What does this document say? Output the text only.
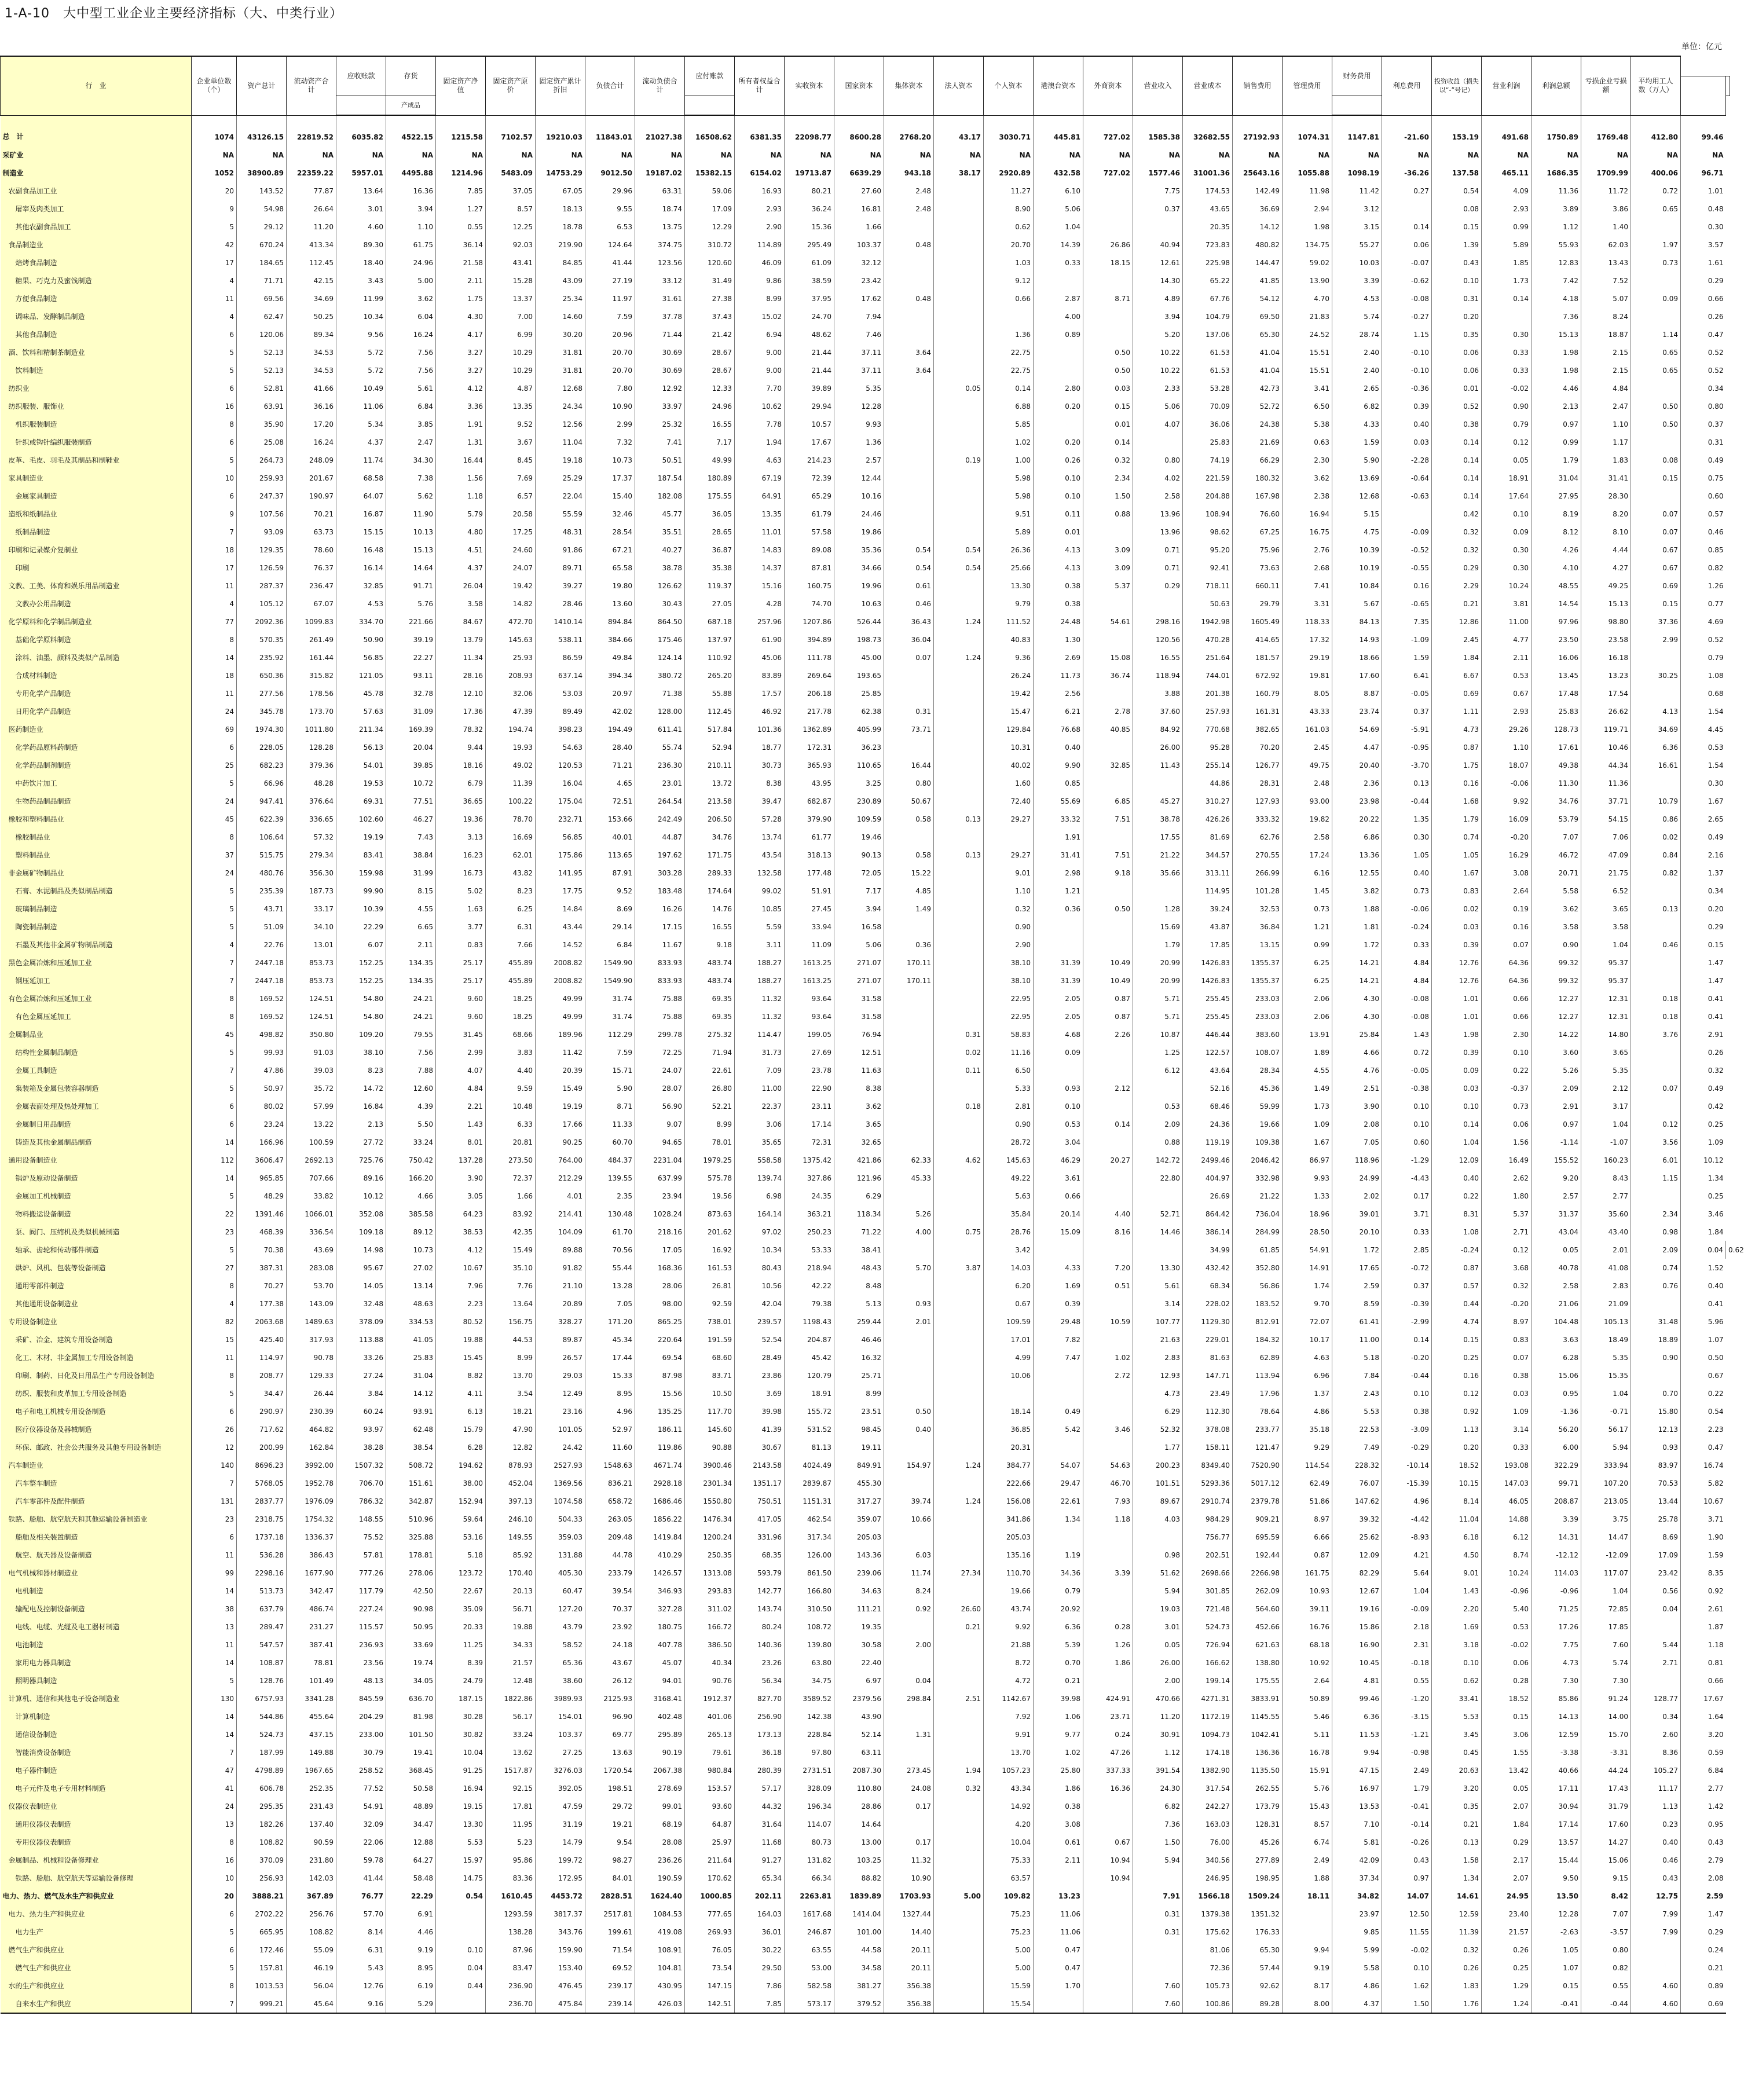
1-A-10　大中型工业企业主要经济指标（大、中类行业）
单位：亿元
行　业	企业单位数（个）	资产总计	流动资产合　计	应收账款	存货	固定资产净　值	固定资产原　价	固定资产累计折旧	负债合计	流动负债合　计	应付账款	所有者权益合计	实收资本	国家资本	集体资本	法人资本	个人资本	港澳台资本	外商资本	营业收入	营业成本	销售费用	管理费用	财务费用	利息费用	投资收益（损失以“-”号记）	营业利润	利润总额	亏损企业亏损额	平均用工人　数（万人）		

					产成品																											
总　计	1074	43126.15	22819.52	6035.82	4522.15	1215.58	7102.57	19210.03	11843.01	21027.38	16508.62	6381.35	22098.77	8600.28	2768.20	43.17	3030.71	445.81	727.02	1585.38	32682.55	27192.93	1074.31	1147.81	-21.60	153.19	491.68	1750.89	1769.48	412.80	99.46	
采矿业	NA	NA	NA	NA	NA	NA	NA	NA	NA	NA	NA	NA	NA	NA	NA	NA	NA	NA	NA	NA	NA	NA	NA	NA	NA	NA	NA	NA	NA	NA	NA	
制造业	1052	38900.89	22359.22	5957.01	4495.88	1214.96	5483.09	14753.29	9012.50	19187.02	15382.15	6154.02	19713.87	6639.29	943.18	38.17	2920.89	432.58	727.02	1577.46	31001.36	25643.16	1055.88	1098.19	-36.26	137.58	465.11	1686.35	1709.99	400.06	96.71	
农副食品加工业	20	143.52	77.87	13.64	16.36	7.85	37.05	67.05	29.96	63.31	59.06	16.93	80.21	27.60	2.48		11.27	6.10		7.75	174.53	142.49	11.98	11.42	0.27	0.54	4.09	11.36	11.72	0.72	1.01	
屠宰及肉类加工	9	54.98	26.64	3.01	3.94	1.27	8.57	18.13	9.55	18.74	17.09	2.93	36.24	16.81	2.48		8.90	5.06		0.37	43.65	36.69	2.94	3.12		0.08	2.93	3.89	3.86	0.65	0.48	
其他农副食品加工	5	29.12	11.20	4.60	1.10	0.55	12.25	18.78	6.53	13.75	12.29	2.90	15.36	1.66			0.62	1.04			20.35	14.12	1.98	3.15	0.14	0.15	0.99	1.12	1.40		0.30	
食品制造业	42	670.24	413.34	89.30	61.75	36.14	92.03	219.90	124.64	374.75	310.72	114.89	295.49	103.37	0.48		20.70	14.39	26.86	40.94	723.83	480.82	134.75	55.27	0.06	1.39	5.89	55.93	62.03	1.97	3.57	
焙烤食品制造	17	184.65	112.45	18.40	24.96	21.58	43.41	84.85	41.44	123.56	120.60	46.09	61.09	32.12			1.03	0.33	18.15	12.61	225.98	144.47	59.02	10.03	-0.07	0.43	1.85	12.83	13.43	0.73	1.61	
糖果、巧克力及蜜饯制造	4	71.71	42.15	3.43	5.00	2.11	15.28	43.09	27.19	33.12	31.49	9.86	38.59	23.42			9.12			14.30	65.22	41.85	13.90	3.39	-0.62	0.10	1.73	7.42	7.52		0.29	
方便食品制造	11	69.56	34.69	11.99	3.62	1.75	13.37	25.34	11.97	31.61	27.38	8.99	37.95	17.62	0.48		0.66	2.87	8.71	4.89	67.76	54.12	4.70	4.53	-0.08	0.31	0.14	4.18	5.07	0.09	0.66	
调味品、发酵制品制造	4	62.47	50.25	10.34	6.04	4.30	7.00	14.60	7.59	37.78	37.43	15.02	24.70	7.94				4.00		3.94	104.79	69.50	21.83	5.74	-0.27	0.20		7.36	8.24		0.26	
其他食品制造	6	120.06	89.34	9.56	16.24	4.17	6.99	30.20	20.96	71.44	21.42	6.94	48.62	7.46			1.36	0.89		5.20	137.06	65.30	24.52	28.74	1.15	0.35	0.30	15.13	18.87	1.14	0.47	
酒、饮料和精制茶制造业	5	52.13	34.53	5.72	7.56	3.27	10.29	31.81	20.70	30.69	28.67	9.00	21.44	37.11	3.64		22.75		0.50	10.22	61.53	41.04	15.51	2.40	-0.10	0.06	0.33	1.98	2.15	0.65	0.52	
饮料制造	5	52.13	34.53	5.72	7.56	3.27	10.29	31.81	20.70	30.69	28.67	9.00	21.44	37.11	3.64		22.75		0.50	10.22	61.53	41.04	15.51	2.40	-0.10	0.06	0.33	1.98	2.15	0.65	0.52	
纺织业	6	52.81	41.66	10.49	5.61	4.12	4.87	12.68	7.80	12.92	12.33	7.70	39.89	5.35		0.05	0.14	2.80	0.03	2.33	53.28	42.73	3.41	2.65	-0.36	0.01	-0.02	4.46	4.84		0.34	
纺织服装、服饰业	16	63.91	36.16	11.06	6.84	3.36	13.35	24.34	10.90	33.97	24.96	10.62	29.94	12.28			6.88	0.20	0.15	5.06	70.09	52.72	6.50	6.82	0.39	0.52	0.90	2.13	2.47	0.50	0.80	
机织服装制造	8	35.90	17.20	5.34	3.85	1.91	9.52	12.56	2.99	25.32	16.55	7.78	10.57	9.93			5.85		0.01	4.07	36.06	24.38	5.38	4.33	0.40	0.38	0.79	0.97	1.10	0.50	0.37	
针织或钩针编织服装制造	6	25.08	16.24	4.37	2.47	1.31	3.67	11.04	7.32	7.41	7.17	1.94	17.67	1.36			1.02	0.20	0.14		25.83	21.69	0.63	1.59	0.03	0.14	0.12	0.99	1.17		0.31	
皮革、毛皮、羽毛及其制品和制鞋业	5	264.73	248.09	11.74	34.30	16.44	8.45	19.18	10.73	50.51	49.99	4.63	214.23	2.57		0.19	1.00	0.26	0.32	0.80	74.19	66.29	2.30	5.90	-2.28	0.14	0.05	1.79	1.83	0.08	0.49	
家具制造业	10	259.93	201.67	68.58	7.38	1.56	7.69	25.29	17.37	187.54	180.89	67.19	72.39	12.44			5.98	0.10	2.34	4.02	221.59	180.32	3.62	13.69	-0.64	0.14	18.91	31.04	31.41	0.15	0.75	
金属家具制造	6	247.37	190.97	64.07	5.62	1.18	6.57	22.04	15.40	182.08	175.55	64.91	65.29	10.16			5.98	0.10	1.50	2.58	204.88	167.98	2.38	12.68	-0.63	0.14	17.64	27.95	28.30		0.60	
造纸和纸制品业	9	107.56	70.21	16.87	11.90	5.79	20.58	55.59	32.46	45.77	36.05	13.35	61.79	24.46			9.51	0.11	0.88	13.96	108.94	76.60	16.94	5.15		0.42	0.10	8.19	8.20	0.07	0.57	
纸制品制造	7	93.09	63.73	15.15	10.13	4.80	17.25	48.31	28.54	35.51	28.65	11.01	57.58	19.86			5.89	0.01		13.96	98.62	67.25	16.75	4.75	-0.09	0.32	0.09	8.12	8.10	0.07	0.46	
印刷和记录媒介复制业	18	129.35	78.60	16.48	15.13	4.51	24.60	91.86	67.21	40.27	36.87	14.83	89.08	35.36	0.54	0.54	26.36	4.13	3.09	0.71	95.20	75.96	2.76	10.39	-0.52	0.32	0.30	4.26	4.44	0.67	0.85	
印刷	17	126.59	76.37	16.14	14.64	4.37	24.07	89.71	65.58	38.78	35.38	14.37	87.81	34.66	0.54	0.54	25.66	4.13	3.09	0.71	92.41	73.63	2.68	10.19	-0.55	0.29	0.30	4.10	4.27	0.67	0.82	
文教、工美、体育和娱乐用品制造业	11	287.37	236.47	32.85	91.71	26.04	19.42	39.27	19.80	126.62	119.37	15.16	160.75	19.96	0.61		13.30	0.38	5.37	0.29	718.11	660.11	7.41	10.84	0.16	2.29	10.24	48.55	49.25	0.69	1.26	
文教办公用品制造	4	105.12	67.07	4.53	5.76	3.58	14.82	28.46	13.60	30.43	27.05	4.28	74.70	10.63	0.46		9.79	0.38			50.63	29.79	3.31	5.67	-0.65	0.21	3.81	14.54	15.13	0.15	0.77	
化学原料和化学制品制造业	77	2092.36	1099.83	334.70	221.66	84.67	472.70	1410.14	894.84	864.50	687.18	257.96	1207.86	526.44	36.43	1.24	111.52	24.48	54.61	298.16	1942.98	1605.49	118.33	84.13	7.35	12.86	11.00	97.96	98.80	37.36	4.69	
基础化学原料制造	8	570.35	261.49	50.90	39.19	13.79	145.63	538.11	384.66	175.46	137.97	61.90	394.89	198.73	36.04		40.83	1.30		120.56	470.28	414.65	17.32	14.93	-1.09	2.45	4.77	23.50	23.58	2.99	0.52	
涂料、油墨、颜料及类似产品制造	14	235.92	161.44	56.85	22.27	11.34	25.93	86.59	49.84	124.14	110.92	45.06	111.78	45.00	0.07	1.24	9.36	2.69	15.08	16.55	251.64	181.57	29.19	18.66	1.59	1.84	2.11	16.06	16.18		0.79	
合成材料制造	18	650.36	315.82	121.05	93.11	28.16	208.93	637.14	394.34	380.72	265.20	83.89	269.64	193.65			26.24	11.73	36.74	118.94	744.01	672.92	19.81	17.60	6.41	6.67	0.53	13.45	13.23	30.25	1.08	
专用化学产品制造	11	277.56	178.56	45.78	32.78	12.10	32.06	53.03	20.97	71.38	55.88	17.57	206.18	25.85			19.42	2.56		3.88	201.38	160.79	8.05	8.87	-0.05	0.69	0.67	17.48	17.54		0.68	
日用化学产品制造	24	345.78	173.70	57.63	31.09	17.36	47.39	89.49	42.02	128.00	112.45	46.92	217.78	62.38	0.31		15.47	6.21	2.78	37.60	257.93	161.31	43.33	23.74	0.37	1.11	2.93	25.83	26.62	4.13	1.54	
医药制造业	69	1974.30	1011.80	211.34	169.39	78.32	194.74	398.23	194.49	611.41	517.84	101.36	1362.89	405.99	73.71		129.84	76.68	40.85	84.92	770.68	382.65	161.03	54.69	-5.91	4.73	29.26	128.73	119.71	34.69	4.45	
化学药品原料药制造	6	228.05	128.28	56.13	20.04	9.44	19.93	54.63	28.40	55.74	52.94	18.77	172.31	36.23			10.31	0.40		26.00	95.28	70.20	2.45	4.47	-0.95	0.87	1.10	17.61	10.46	6.36	0.53	
化学药品制剂制造	25	682.23	379.36	54.01	39.85	18.16	49.02	120.53	71.21	236.30	210.11	30.73	365.93	110.65	16.44		40.02	9.90	32.85	11.43	255.14	126.77	49.75	20.40	-3.70	1.75	18.07	49.38	44.34	16.61	1.54	
中药饮片加工	5	66.96	48.28	19.53	10.72	6.79	11.39	16.04	4.65	23.01	13.72	8.38	43.95	3.25	0.80		1.60	0.85			44.86	28.31	2.48	2.36	0.13	0.16	-0.06	11.30	11.36		0.30	
生物药品制品制造	24	947.41	376.64	69.31	77.51	36.65	100.22	175.04	72.51	264.54	213.58	39.47	682.87	230.89	50.67		72.40	55.69	6.85	45.27	310.27	127.93	93.00	23.98	-0.44	1.68	9.92	34.76	37.71	10.79	1.67	
橡胶和塑料制品业	45	622.39	336.65	102.60	46.27	19.36	78.70	232.71	153.66	242.49	206.50	57.28	379.90	109.59	0.58	0.13	29.27	33.32	7.51	38.78	426.26	333.32	19.82	20.22	1.35	1.79	16.09	53.79	54.15	0.86	2.65	
橡胶制品业	8	106.64	57.32	19.19	7.43	3.13	16.69	56.85	40.01	44.87	34.76	13.74	61.77	19.46				1.91		17.55	81.69	62.76	2.58	6.86	0.30	0.74	-0.20	7.07	7.06	0.02	0.49	
塑料制品业	37	515.75	279.34	83.41	38.84	16.23	62.01	175.86	113.65	197.62	171.75	43.54	318.13	90.13	0.58	0.13	29.27	31.41	7.51	21.22	344.57	270.55	17.24	13.36	1.05	1.05	16.29	46.72	47.09	0.84	2.16	
非金属矿物制品业	24	480.76	356.30	159.98	31.99	16.73	43.82	141.95	87.91	303.28	289.33	132.58	177.48	72.05	15.22		9.01	2.98	9.18	35.66	313.11	266.99	6.16	12.55	0.40	1.67	3.08	20.71	21.75	0.82	1.37	
石膏、水泥制品及类似制品制造	5	235.39	187.73	99.90	8.15	5.02	8.23	17.75	9.52	183.48	174.64	99.02	51.91	7.17	4.85		1.10	1.21			114.95	101.28	1.45	3.82	0.73	0.83	2.64	5.58	6.52		0.34	
玻璃制品制造	5	43.71	33.17	10.39	4.55	1.63	6.25	14.84	8.69	16.26	14.76	10.85	27.45	3.94	1.49		0.32	0.36	0.50	1.28	39.24	32.53	0.73	1.88	-0.06	0.02	0.19	3.62	3.65	0.13	0.20	
陶瓷制品制造	5	51.09	34.10	22.29	6.65	3.77	6.31	43.44	29.14	17.15	16.55	5.59	33.94	16.58			0.90			15.69	43.87	36.84	1.21	1.81	-0.24	0.03	0.16	3.58	3.58		0.29	
石墨及其他非金属矿物制品制造	4	22.76	13.01	6.07	2.11	0.83	7.66	14.52	6.84	11.67	9.18	3.11	11.09	5.06	0.36		2.90			1.79	17.85	13.15	0.99	1.72	0.33	0.39	0.07	0.90	1.04	0.46	0.15	
黑色金属冶炼和压延加工业	7	2447.18	853.73	152.25	134.35	25.17	455.89	2008.82	1549.90	833.93	483.74	188.27	1613.25	271.07	170.11		38.10	31.39	10.49	20.99	1426.83	1355.37	6.25	14.21	4.84	12.76	64.36	99.32	95.37		1.47	
钢压延加工	7	2447.18	853.73	152.25	134.35	25.17	455.89	2008.82	1549.90	833.93	483.74	188.27	1613.25	271.07	170.11		38.10	31.39	10.49	20.99	1426.83	1355.37	6.25	14.21	4.84	12.76	64.36	99.32	95.37		1.47	
有色金属冶炼和压延加工业	8	169.52	124.51	54.80	24.21	9.60	18.25	49.99	31.74	75.88	69.35	11.32	93.64	31.58			22.95	2.05	0.87	5.71	255.45	233.03	2.06	4.30	-0.08	1.01	0.66	12.27	12.31	0.18	0.41	
有色金属压延加工	8	169.52	124.51	54.80	24.21	9.60	18.25	49.99	31.74	75.88	69.35	11.32	93.64	31.58			22.95	2.05	0.87	5.71	255.45	233.03	2.06	4.30	-0.08	1.01	0.66	12.27	12.31	0.18	0.41	
金属制品业	45	498.82	350.80	109.20	79.55	31.45	68.66	189.96	112.29	299.78	275.32	114.47	199.05	76.94		0.31	58.83	4.68	2.26	10.87	446.44	383.60	13.91	25.84	1.43	1.98	2.30	14.22	14.80	3.76	2.91	
结构性金属制品制造	5	99.93	91.03	38.10	7.56	2.99	3.83	11.42	7.59	72.25	71.94	31.73	27.69	12.51		0.02	11.16	0.09		1.25	122.57	108.07	1.89	4.66	0.72	0.39	0.10	3.60	3.65		0.26	
金属工具制造	7	47.86	39.03	8.23	7.88	4.07	4.40	20.39	15.71	24.07	22.61	7.09	23.78	11.63		0.11	6.50			6.12	43.64	28.34	4.55	4.76	-0.05	0.09	0.22	5.26	5.35		0.32	
集装箱及金属包装容器制造	5	50.97	35.72	14.72	12.60	4.84	9.59	15.49	5.90	28.07	26.80	11.00	22.90	8.38			5.33	0.93	2.12		52.16	45.36	1.49	2.51	-0.38	0.03	-0.37	2.09	2.12	0.07	0.49	
金属表面处理及热处理加工	6	80.02	57.99	16.84	4.39	2.21	10.48	19.19	8.71	56.90	52.21	22.37	23.11	3.62		0.18	2.81	0.10		0.53	68.46	59.99	1.73	3.90	0.10	0.10	0.73	2.91	3.17		0.42	
金属制日用品制造	6	23.24	13.22	2.13	5.50	1.43	6.33	17.66	11.33	9.07	8.99	3.06	17.14	3.65			0.90	0.53	0.14	2.09	24.36	19.66	1.09	2.08	0.10	0.14	0.06	0.97	1.04	0.12	0.25	
铸造及其他金属制品制造	14	166.96	100.59	27.72	33.24	8.01	20.81	90.25	60.70	94.65	78.01	35.65	72.31	32.65			28.72	3.04		0.88	119.19	109.38	1.67	7.05	0.60	1.04	1.56	-1.14	-1.07	3.56	1.09	
通用设备制造业	112	3606.47	2692.13	725.76	750.42	137.28	273.50	764.00	484.37	2231.04	1979.25	558.58	1375.42	421.86	62.33	4.62	145.63	46.29	20.27	142.72	2499.46	2046.42	86.97	118.96	-1.29	12.09	16.49	155.52	160.23	6.01	10.12	
锅炉及原动设备制造	14	965.85	707.66	89.16	166.20	3.90	72.37	212.29	139.55	637.99	575.78	139.74	327.86	121.96	45.33		49.22	3.61		22.80	404.97	332.98	9.93	24.99	-4.43	0.40	2.62	9.20	8.43	1.15	1.34	
金属加工机械制造	5	48.29	33.82	10.12	4.66	3.05	1.66	4.01	2.35	23.94	19.56	6.98	24.35	6.29			5.63	0.66			26.69	21.22	1.33	2.02	0.17	0.22	1.80	2.57	2.77		0.25	
物料搬运设备制造	22	1391.46	1066.01	352.08	385.58	64.23	83.92	214.41	130.48	1028.24	873.63	164.14	363.21	118.34	5.26		35.84	20.14	4.40	52.71	864.42	736.04	18.96	39.01	3.71	8.31	5.37	31.37	35.60	2.34	3.46	
泵、阀门、压缩机及类似机械制造	23	468.39	336.54	109.18	89.12	38.53	42.35	104.09	61.70	218.16	201.62	97.02	250.23	71.22	4.00	0.75	28.76	15.09	8.16	14.46	386.14	284.99	28.50	20.10	0.33	1.08	2.71	43.04	43.40	0.98	1.84	
轴承、齿轮和传动部件制造	5	70.38	43.69	14.98	10.73	4.12	15.49	89.88	70.56	17.05	16.92	10.34	53.33	38.41			3.42				34.99	61.85	54.91	1.72	2.85	-0.24	0.12	0.05	2.01	2.09	0.04	0.62
烘炉、风机、包装等设备制造	27	387.31	283.08	95.67	27.02	10.67	35.10	91.82	55.44	168.36	161.53	80.43	218.94	48.43	5.70	3.87	14.03	4.33	7.20	13.30	432.42	352.80	14.91	17.65	-0.72	0.87	3.68	40.78	41.08	0.74	1.52	
通用零部件制造	8	70.27	53.70	14.05	13.14	7.96	7.76	21.10	13.28	28.06	26.81	10.56	42.22	8.48			6.20	1.69	0.51	5.61	68.34	56.86	1.74	2.59	0.37	0.57	0.32	2.58	2.83	0.76	0.40	
其他通用设备制造业	4	177.38	143.09	32.48	48.63	2.23	13.64	20.89	7.05	98.00	92.59	42.04	79.38	5.13	0.93		0.67	0.39		3.14	228.02	183.52	9.70	8.59	-0.39	0.44	-0.20	21.06	21.09		0.41	
专用设备制造业	82	2063.68	1489.63	378.09	334.53	80.52	156.75	328.27	171.20	865.25	738.01	239.57	1198.43	259.44	2.01		109.59	29.48	10.59	107.77	1129.30	812.91	72.07	61.41	-2.99	4.74	8.97	104.48	105.13	31.48	5.96	
采矿、冶金、建筑专用设备制造	15	425.40	317.93	113.88	41.05	19.88	44.53	89.87	45.34	220.64	191.59	52.54	204.87	46.46			17.01	7.82		21.63	229.01	184.32	10.17	11.00	0.14	0.15	0.83	3.63	18.49	18.89	1.07	
化工、木材、非金属加工专用设备制造	11	114.97	90.78	33.26	25.83	15.45	8.99	26.57	17.44	69.54	68.60	28.49	45.42	16.32			4.99	7.47	1.02	2.83	81.63	62.89	4.63	5.18	-0.20	0.25	0.07	6.28	5.35	0.90	0.50	
印刷、制药、日化及日用品生产专用设备制造	8	208.77	129.33	27.24	31.04	8.82	13.70	29.03	15.33	87.98	83.71	23.86	120.79	25.71			10.06		2.72	12.93	147.71	113.94	6.96	7.84	-0.44	0.16	0.38	15.06	15.35		0.67	
纺织、服装和皮革加工专用设备制造	5	34.47	26.44	3.84	14.12	4.11	3.54	12.49	8.95	15.56	10.50	3.69	18.91	8.99						4.73	23.49	17.96	1.37	2.43	0.10	0.12	0.03	0.95	1.04	0.70	0.22	
电子和电工机械专用设备制造	6	290.97	230.39	60.24	93.91	6.13	18.21	23.16	4.96	135.25	117.70	39.98	155.72	23.51	0.50		18.14	0.49		6.29	112.30	78.64	4.86	5.53	0.38	0.92	1.09	-1.36	-0.71	15.80	0.54	
医疗仪器设备及器械制造	26	717.62	464.82	93.97	62.48	15.79	47.90	101.05	52.97	186.11	145.60	41.39	531.52	98.45	0.40		36.85	5.42	3.46	52.32	378.08	233.77	35.18	22.53	-3.09	1.13	3.14	56.20	56.17	12.13	2.23	
环保、邮政、社会公共服务及其他专用设备制造	12	200.99	162.84	38.28	38.54	6.28	12.82	24.42	11.60	119.86	90.88	30.67	81.13	19.11			20.31			1.77	158.11	121.47	9.29	7.49	-0.29	0.20	0.33	6.00	5.94	0.93	0.47	
汽车制造业	140	8696.23	3992.00	1507.32	508.72	194.62	878.93	2527.93	1548.63	4671.74	3900.46	2143.58	4024.49	849.91	154.97	1.24	384.77	54.07	54.63	200.23	8349.40	7520.90	114.54	228.32	-10.14	18.52	193.08	322.29	333.94	83.97	16.74	
汽车整车制造	7	5768.05	1952.78	706.70	151.61	38.00	452.04	1369.56	836.21	2928.18	2301.34	1351.17	2839.87	455.30			222.66	29.47	46.70	101.51	5293.36	5017.12	62.49	76.07	-15.39	10.15	147.03	99.71	107.20	70.53	5.82	
汽车零部件及配件制造	131	2837.77	1976.09	786.32	342.87	152.94	397.13	1074.58	658.72	1686.46	1550.80	750.51	1151.31	317.27	39.74	1.24	156.08	22.61	7.93	89.67	2910.74	2379.78	51.86	147.62	4.96	8.14	46.05	208.87	213.05	13.44	10.67	
铁路、船舶、航空航天和其他运输设备制造业	23	2318.75	1754.32	148.55	510.96	59.64	246.10	504.33	263.05	1856.22	1476.34	417.05	462.54	359.07	10.66		341.86	1.34	1.18	4.03	984.29	909.21	8.97	39.32	-4.42	11.04	14.88	3.39	3.75	25.78	3.71	
船舶及相关装置制造	6	1737.18	1336.37	75.52	325.88	53.16	149.55	359.03	209.48	1419.84	1200.24	331.96	317.34	205.03			205.03				756.77	695.59	6.66	25.62	-8.93	6.18	6.12	14.31	14.47	8.69	1.90	
航空、航天器及设备制造	11	536.28	386.43	57.81	178.81	5.18	85.92	131.88	44.78	410.29	250.35	68.35	126.00	143.36	6.03		135.16	1.19		0.98	202.51	192.44	0.87	12.09	4.21	4.50	8.74	-12.12	-12.09	17.09	1.59	
电气机械和器材制造业	99	2298.16	1677.90	777.26	278.06	123.72	170.40	405.30	233.79	1426.57	1313.08	593.79	861.50	239.06	11.74	27.34	110.70	34.36	3.39	51.62	2698.66	2266.98	161.75	82.29	5.64	9.01	10.24	114.03	117.07	23.42	8.35	
电机制造	14	513.73	342.47	117.79	42.50	22.67	20.13	60.47	39.54	346.93	293.83	142.77	166.80	34.63	8.24		19.66	0.79		5.94	301.85	262.09	10.93	12.67	1.04	1.43	-0.96	-0.96	1.04	0.56	0.92	
输配电及控制设备制造	38	637.79	486.74	227.24	90.98	35.09	56.71	127.20	70.37	327.28	311.02	143.74	310.50	111.21	0.92	26.60	43.74	20.92		19.03	721.48	564.60	39.11	19.16	-0.09	2.20	5.40	71.25	72.85	0.04	2.61	
电线、电缆、光缆及电工器材制造	13	289.47	231.27	115.57	50.95	20.33	19.88	43.79	23.92	180.75	166.72	80.24	108.72	19.35		0.21	9.92	6.36	0.28	3.01	524.73	452.66	16.76	15.86	2.18	1.69	0.53	17.26	17.85		1.87	
电池制造	11	547.57	387.41	236.93	33.69	11.25	34.33	58.52	24.18	407.78	386.50	140.36	139.80	30.58	2.00		21.88	5.39	1.26	0.05	726.94	621.63	68.18	16.90	2.31	3.18	-0.02	7.75	7.60	5.44	1.18	
家用电力器具制造	14	108.87	78.81	23.56	19.74	8.39	21.57	65.36	43.67	45.07	40.34	23.26	63.80	22.40			8.72	0.70	1.86	26.00	166.62	138.80	10.92	10.45	-0.18	0.10	0.06	4.73	5.74	2.71	0.81	
照明器具制造	5	128.76	101.49	48.13	34.05	24.79	12.48	38.60	26.12	94.01	90.76	56.34	34.75	6.97	0.04		4.72	0.21		2.00	199.14	175.55	2.64	4.81	0.55	0.62	0.28	7.30	7.30		0.66	
计算机、通信和其他电子设备制造业	130	6757.93	3341.28	845.59	636.70	187.15	1822.86	3989.93	2125.93	3168.41	1912.37	827.70	3589.52	2379.56	298.84	2.51	1142.67	39.98	424.91	470.66	4271.31	3833.91	50.89	99.46	-1.20	33.41	18.52	85.86	91.24	128.77	17.67	
计算机制造	14	544.86	455.64	204.29	81.98	30.28	56.17	154.01	96.90	402.48	401.06	256.90	142.38	43.90			7.92	1.06	23.71	11.20	1172.19	1145.55	5.46	6.36	-3.15	5.53	0.15	14.13	14.00	0.34	1.64	
通信设备制造	14	524.73	437.15	233.00	101.50	30.82	33.24	103.37	69.77	295.89	265.13	173.13	228.84	52.14	1.31		9.91	9.77	0.24	30.91	1094.73	1042.41	5.11	11.53	-1.21	3.45	3.06	12.59	15.70	2.60	3.20	
智能消费设备制造	7	187.99	149.88	30.79	19.41	10.04	13.62	27.25	13.63	90.19	79.61	36.18	97.80	63.11			13.70	1.02	47.26	1.12	174.18	136.36	16.78	9.94	-0.98	0.45	1.55	-3.38	-3.31	8.36	0.59	
电子器件制造	47	4798.89	1967.65	258.52	368.45	91.25	1517.87	3276.03	1720.54	2067.38	980.84	280.39	2731.51	2087.30	273.45	1.94	1057.23	25.80	337.33	391.54	1382.90	1135.50	15.91	47.15	2.49	20.63	13.42	40.66	44.24	105.27	6.84	
电子元件及电子专用材料制造	41	606.78	252.35	77.52	50.58	16.94	92.15	392.05	198.51	278.69	153.57	57.17	328.09	110.80	24.08	0.32	43.34	1.86	16.36	24.30	317.54	262.55	5.76	16.97	1.79	3.20	0.05	17.11	17.43	11.17	2.77	
仪器仪表制造业	24	295.35	231.43	54.91	48.89	19.15	17.81	47.59	29.72	99.01	93.60	44.32	196.34	28.86	0.17		14.92	0.38		6.82	242.27	173.79	15.43	13.53	-0.41	0.35	2.07	30.94	31.79	1.13	1.42	
通用仪器仪表制造	13	182.26	137.40	32.09	34.47	13.30	11.95	31.19	19.21	68.19	64.87	31.64	114.07	14.64			4.20	3.08		7.36	163.03	128.31	8.57	7.10	-0.14	0.21	1.84	17.14	17.60	0.23	0.95	
专用仪器仪表制造	8	108.82	90.59	22.06	12.88	5.53	5.23	14.79	9.54	28.08	25.97	11.68	80.73	13.00	0.17		10.04	0.61	0.67	1.50	76.00	45.26	6.74	5.81	-0.26	0.13	0.29	13.57	14.27	0.40	0.43	
金属制品、机械和设备修理业	16	370.09	231.80	59.78	64.27	15.97	95.86	199.72	98.27	236.26	211.64	91.27	131.82	103.25	11.32		75.33	2.11	10.94	5.94	340.56	277.89	2.49	42.09	0.43	1.58	2.17	15.44	15.06	0.46	2.79	
铁路、船舶、航空航天等运输设备修理	10	256.93	142.03	41.44	58.48	14.75	83.36	172.95	84.01	190.59	170.62	65.34	66.34	88.82	10.90		63.57		10.94		246.95	198.95	1.88	37.34	0.97	1.34	2.07	9.50	9.15	0.43	2.08	
电力、热力、燃气及水生产和供应业	20	3888.21	367.89	76.77	22.29	0.54	1610.45	4453.72	2828.51	1624.40	1000.85	202.11	2263.81	1839.89	1703.93	5.00	109.82	13.23		7.91	1566.18	1509.24	18.11	34.82	14.07	14.61	24.95	13.50	8.42	12.75	2.59	
电力、热力生产和供应业	6	2702.22	256.76	57.70	6.91		1293.59	3817.37	2517.81	1084.53	777.65	164.03	1617.68	1414.04	1327.44		75.23	11.06		0.31	1379.38	1351.32		23.97	12.50	12.59	23.40	12.28	7.07	7.99	1.47	
电力生产	5	665.95	108.82	8.14	4.46		138.28	343.76	199.61	419.08	269.93	36.01	246.87	101.00	14.40		75.23	11.06		0.31	175.62	176.33		9.85	11.55	11.39	21.57	-2.63	-3.57	7.99	0.29	
燃气生产和供应业	6	172.46	55.09	6.31	9.19	0.10	87.96	159.90	71.54	108.91	76.05	30.22	63.55	44.58	20.11		5.00	0.47			81.06	65.30	9.94	5.99	-0.02	0.32	0.26	1.05	0.80		0.24	
燃气生产和供应业	5	157.81	46.19	5.43	8.95	0.04	83.47	153.40	69.52	104.81	73.54	29.50	53.00	34.58	20.11		5.00	0.47			72.36	57.44	9.19	5.58	0.10	0.26	0.25	1.07	0.82		0.21	
水的生产和供应业	8	1013.53	56.04	12.76	6.19	0.44	236.90	476.45	239.17	430.95	147.15	7.86	582.58	381.27	356.38		15.59	1.70		7.60	105.73	92.62	8.17	4.86	1.62	1.83	1.29	0.15	0.55	4.60	0.89	
自来水生产和供应	7	999.21	45.64	9.16	5.29		236.70	475.84	239.14	426.03	142.51	7.85	573.17	379.52	356.38		15.54			7.60	100.86	89.28	8.00	4.37	1.50	1.76	1.24	-0.41	-0.44	4.60	0.69	
